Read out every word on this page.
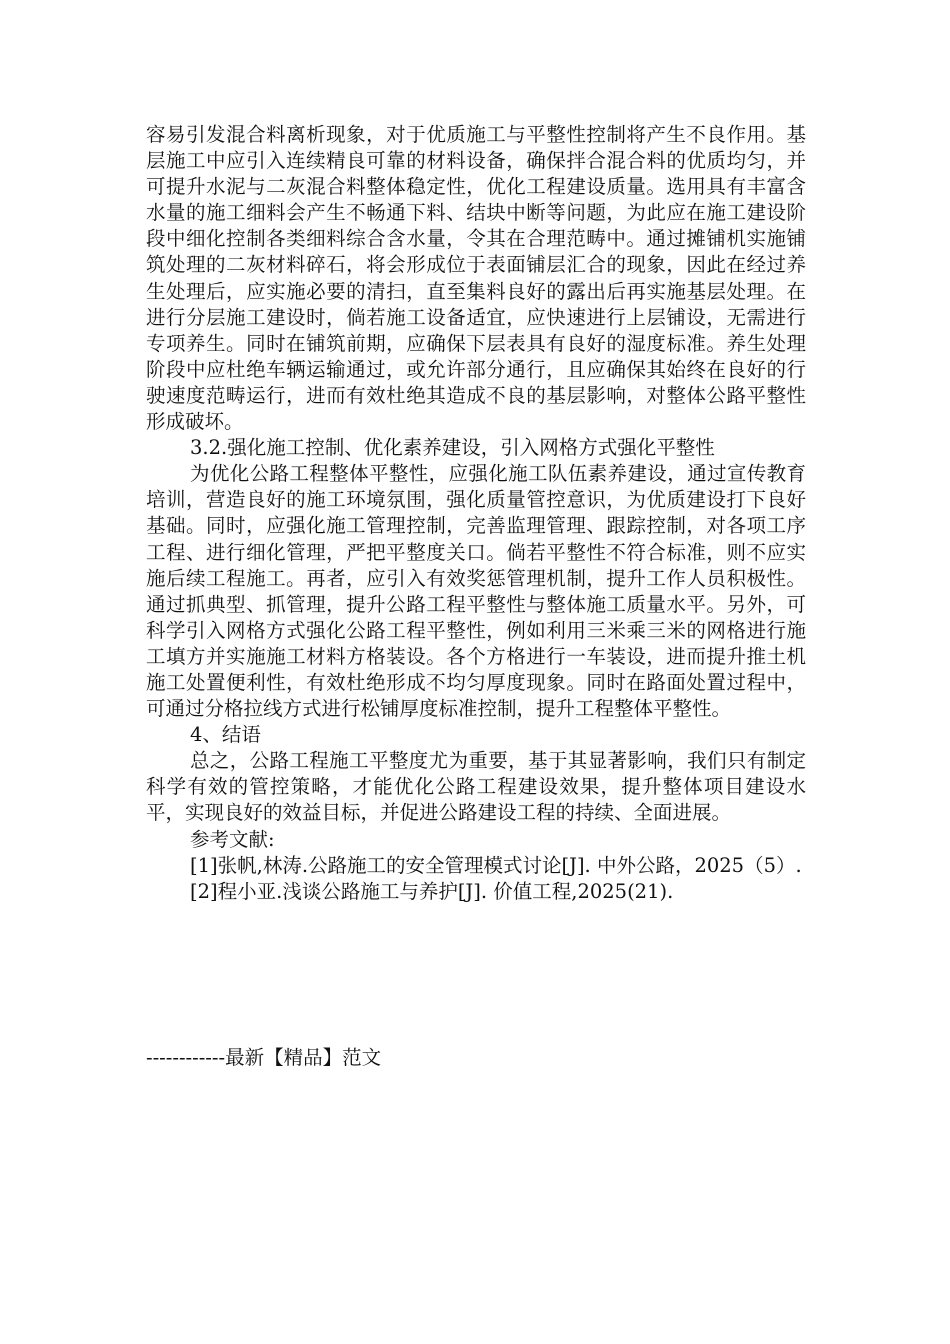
容易引发混合料离析现象，对于优质施工与平整性控制将产生不良作用。基层施工中应引入连续精良可靠的材料设备，确保拌合混合料的优质均匀，并可提升水泥与二灰混合料整体稳定性，优化工程建设质量。选用具有丰富含水量的施工细料会产生不畅通下料、结块中断等问题，为此应在施工建设阶段中细化控制各类细料综合含水量，令其在合理范畴中。通过摊铺机实施铺筑处理的二灰材料碎石，将会形成位于表面铺层汇合的现象，因此在经过养生处理后，应实施必要的清扫，直至集料良好的露出后再实施基层处理。在进行分层施工建设时，倘若施工设备适宜，应快速进行上层铺设，无需进行专项养生。同时在铺筑前期，应确保下层表具有良好的湿度标准。养生处理阶段中应杜绝车辆运输通过，或允许部分通行，且应确保其始终在良好的行驶速度范畴运行，进而有效杜绝其造成不良的基层影响，对整体公路平整性形成破坏。

3.2.强化施工控制、优化素养建设，引入网格方式强化平整性

为优化公路工程整体平整性，应强化施工队伍素养建设，通过宣传教育培训，营造良好的施工环境氛围，强化质量管控意识，为优质建设打下良好基础。同时，应强化施工管理控制，完善监理管理、跟踪控制，对各项工序工程、进行细化管理，严把平整度关口。倘若平整性不符合标准，则不应实施后续工程施工。再者，应引入有效奖惩管理机制，提升工作人员积极性。通过抓典型、抓管理，提升公路工程平整性与整体施工质量水平。另外，可科学引入网格方式强化公路工程平整性，例如利用三米乘三米的网格进行施工填方并实施施工材料方格装设。各个方格进行一车装设，进而提升推土机施工处置便利性，有效杜绝形成不均匀厚度现象。同时在路面处置过程中，可通过分格拉线方式进行松铺厚度标准控制，提升工程整体平整性。

4、结语

总之，公路工程施工平整度尤为重要，基于其显著影响，我们只有制定科学有效的管控策略，才能优化公路工程建设效果，提升整体项目建设水平，实现良好的效益目标，并促进公路建设工程的持续、全面进展。

参考文献:

[1]张帆,林涛.公路施工的安全管理模式讨论[J]. 中外公路，2025（5）.

[2]程小亚.浅谈公路施工与养护[J]. 价值工程,2025(21).

------------最新【精品】范文
